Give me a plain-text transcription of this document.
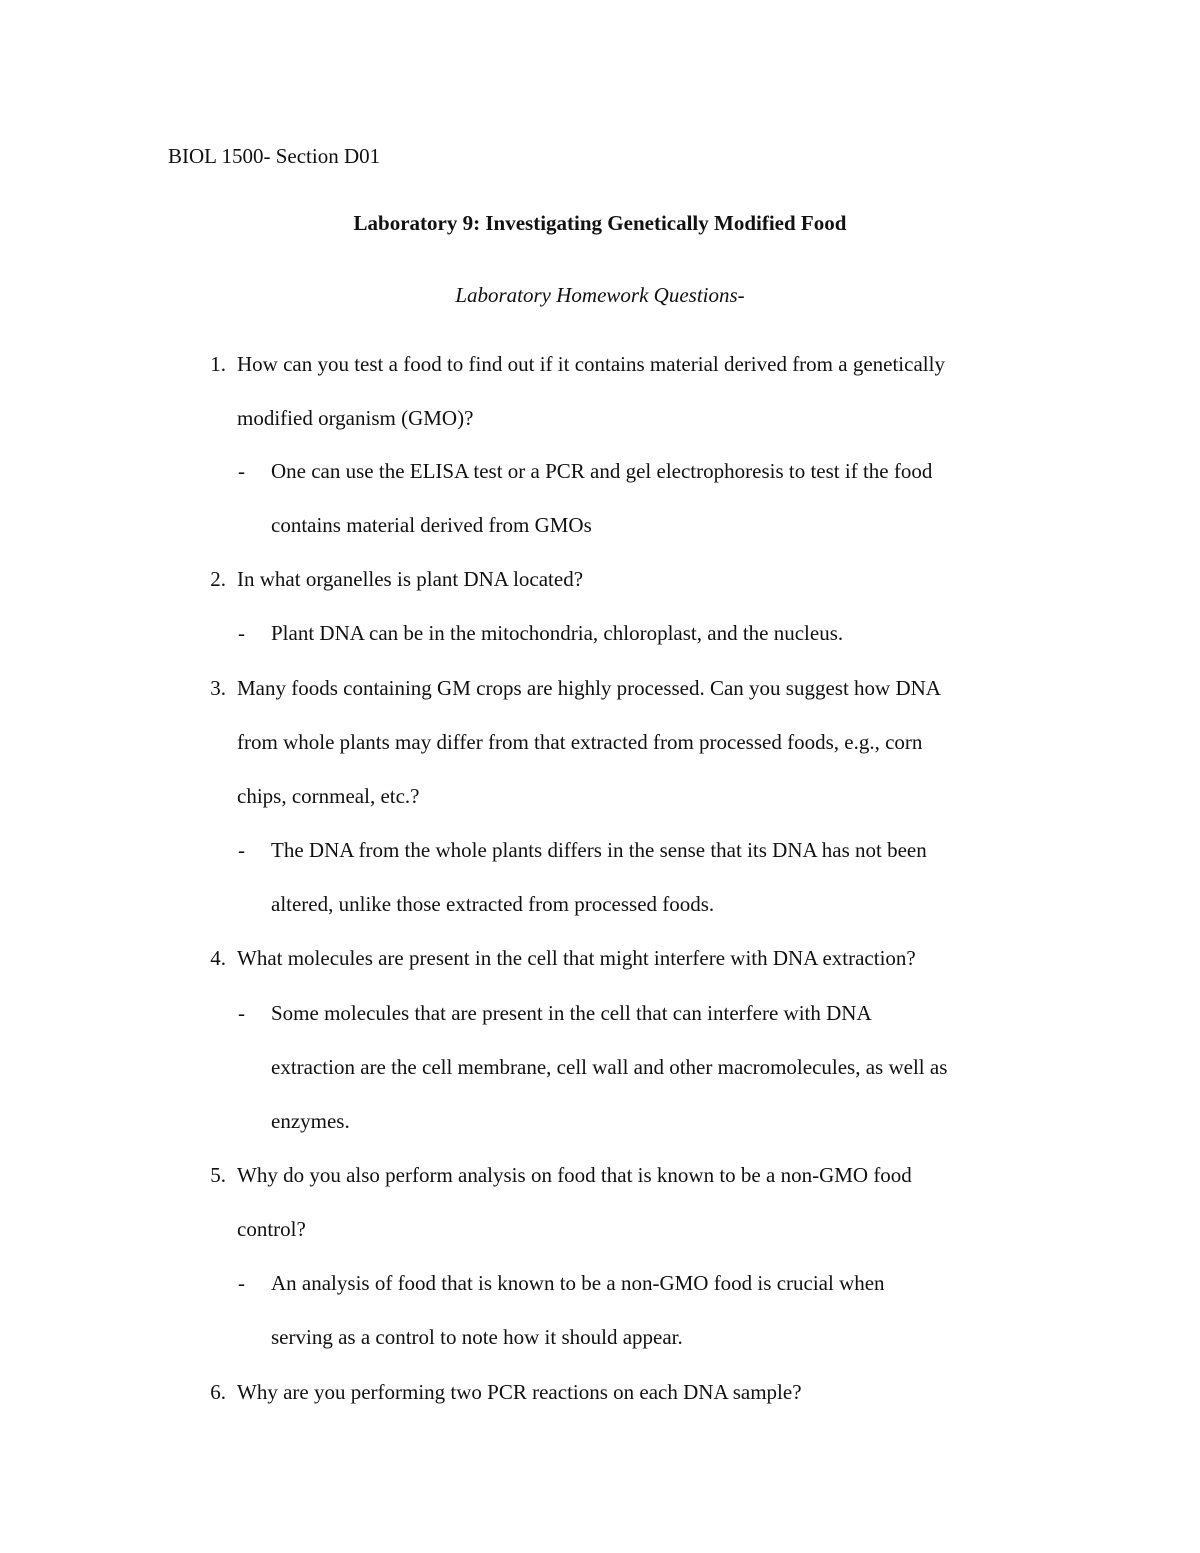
BIOL 1500- Section D01
Laboratory 9: Investigating Genetically Modified Food
Laboratory Homework Questions-
1. How can you test a food to find out if it contains material derived from a genetically
modified organism (GMO)?
- One can use the ELISA test or a PCR and gel electrophoresis to test if the food
contains material derived from GMOs
2. In what organelles is plant DNA located?
- Plant DNA can be in the mitochondria, chloroplast, and the nucleus.
3. Many foods containing GM crops are highly processed. Can you suggest how DNA
from whole plants may differ from that extracted from processed foods, e.g., corn
chips, cornmeal, etc.?
- The DNA from the whole plants differs in the sense that its DNA has not been
altered, unlike those extracted from processed foods.
4. What molecules are present in the cell that might interfere with DNA extraction?
- Some molecules that are present in the cell that can interfere with DNA
extraction are the cell membrane, cell wall and other macromolecules, as well as
enzymes.
5. Why do you also perform analysis on food that is known to be a non-GMO food
control?
- An analysis of food that is known to be a non-GMO food is crucial when
serving as a control to note how it should appear.
6. Why are you performing two PCR reactions on each DNA sample?
